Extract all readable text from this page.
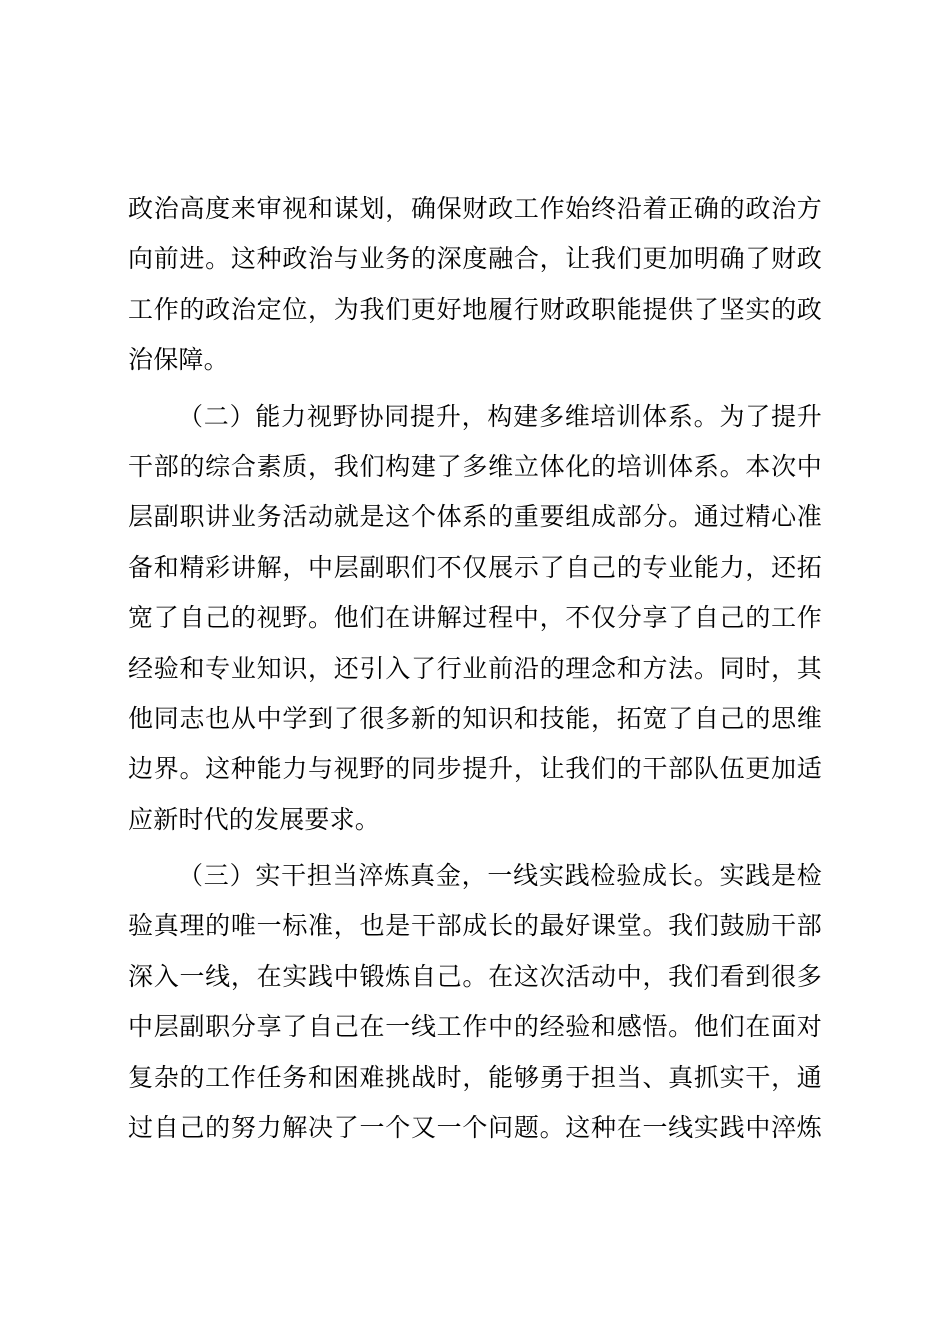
政治高度来审视和谋划，确保财政工作始终沿着正确的政治方
向前进。这种政治与业务的深度融合，让我们更加明确了财政
工作的政治定位，为我们更好地履行财政职能提供了坚实的政
治保障。
（二）能力视野协同提升，构建多维培训体系。为了提升
干部的综合素质，我们构建了多维立体化的培训体系。本次中
层副职讲业务活动就是这个体系的重要组成部分。通过精心准
备和精彩讲解，中层副职们不仅展示了自己的专业能力，还拓
宽了自己的视野。他们在讲解过程中，不仅分享了自己的工作
经验和专业知识，还引入了行业前沿的理念和方法。同时，其
他同志也从中学到了很多新的知识和技能，拓宽了自己的思维
边界。这种能力与视野的同步提升，让我们的干部队伍更加适
应新时代的发展要求。
（三）实干担当淬炼真金，一线实践检验成长。实践是检
验真理的唯一标准，也是干部成长的最好课堂。我们鼓励干部
深入一线，在实践中锻炼自己。在这次活动中，我们看到很多
中层副职分享了自己在一线工作中的经验和感悟。他们在面对
复杂的工作任务和困难挑战时，能够勇于担当、真抓实干，通
过自己的努力解决了一个又一个问题。这种在一线实践中淬炼
